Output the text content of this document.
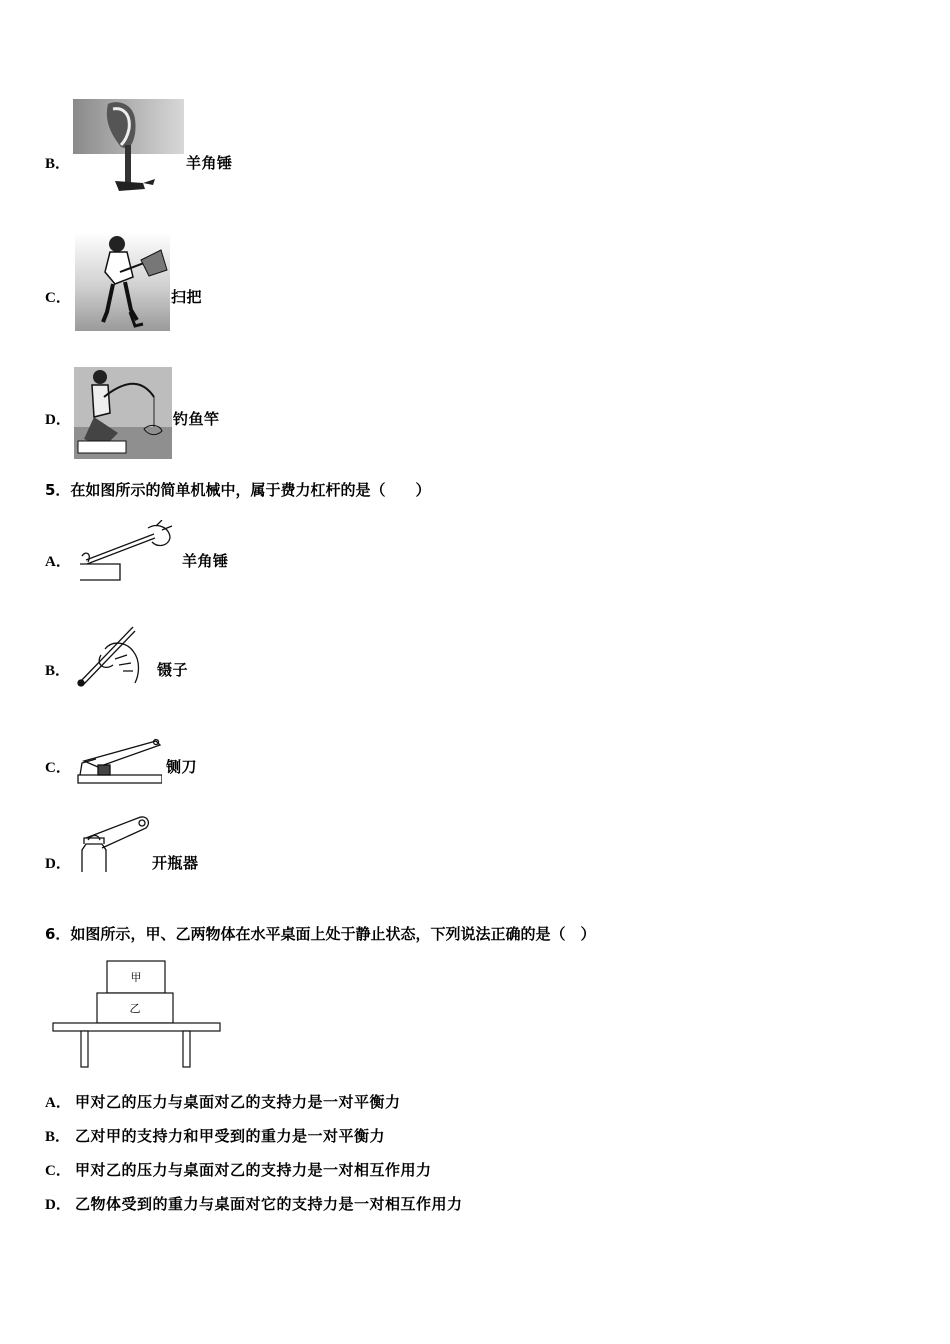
B．	羊角锤
C．	扫把
D．	钓鱼竿
5．在如图所示的简单机械中，属于费力杠杆的是（　　）
A．	羊角锤
B．	镊子
C．	铡刀
D．	开瓶器
6．如图所示，甲、乙两物体在水平桌面上处于静止状态，下列说法正确的是（　）
甲
乙
A． 甲对乙的压力与桌面对乙的支持力是一对平衡力
B． 乙对甲的支持力和甲受到的重力是一对平衡力
C． 甲对乙的压力与桌面对乙的支持力是一对相互作用力
D． 乙物体受到的重力与桌面对它的支持力是一对相互作用力
